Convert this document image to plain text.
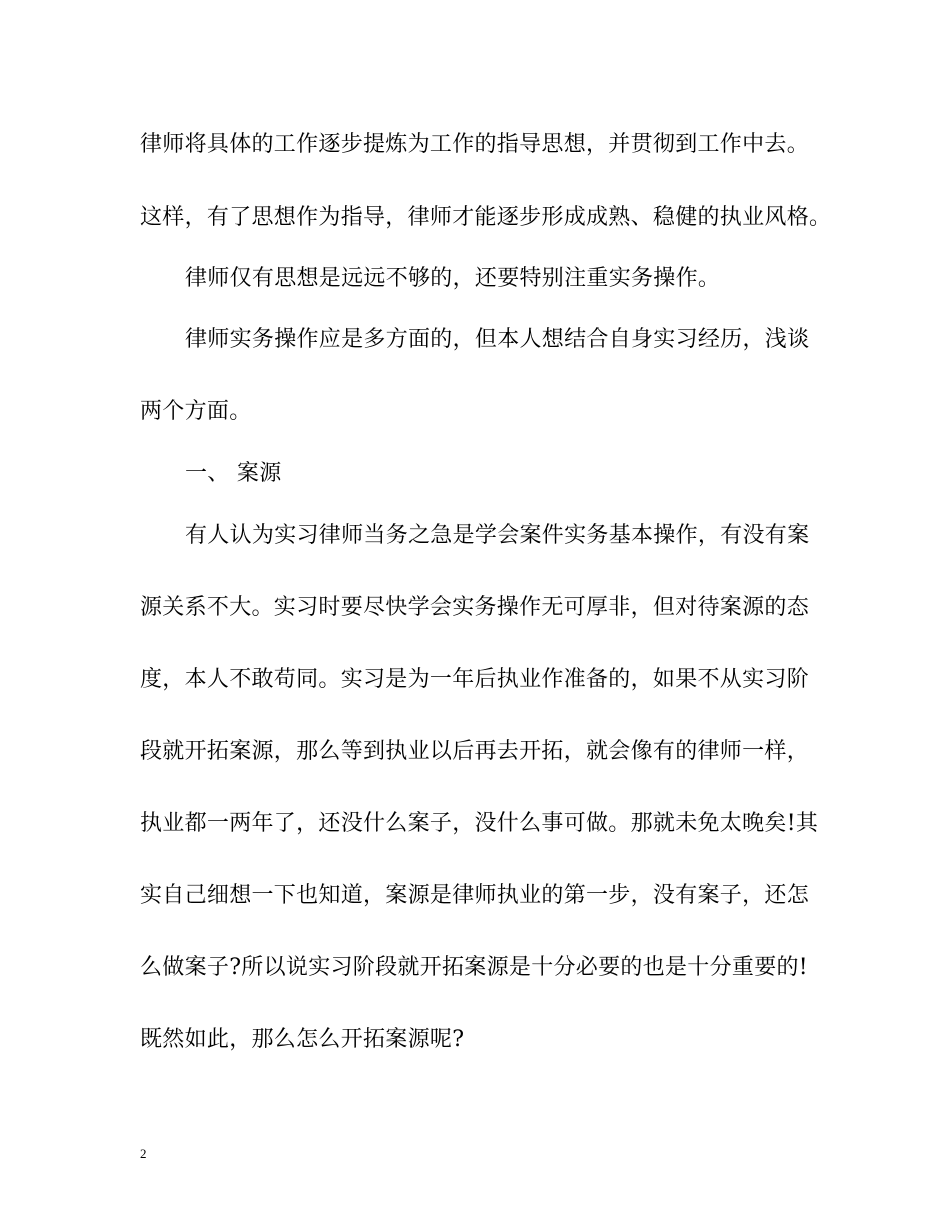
律师将具体的工作逐步提炼为工作的指导思想，并贯彻到工作中去。
这样，有了思想作为指导，律师才能逐步形成成熟、稳健的执业风格。
律师仅有思想是远远不够的，还要特别注重实务操作。
律师实务操作应是多方面的，但本人想结合自身实习经历，浅谈
两个方面。
一、 案源
有人认为实习律师当务之急是学会案件实务基本操作，有没有案
源关系不大。实习时要尽快学会实务操作无可厚非，但对待案源的态
度，本人不敢苟同。实习是为一年后执业作准备的，如果不从实习阶
段就开拓案源，那么等到执业以后再去开拓，就会像有的律师一样，
执业都一两年了，还没什么案子，没什么事可做。那就未免太晚矣!其
实自己细想一下也知道，案源是律师执业的第一步，没有案子，还怎
么做案子?所以说实习阶段就开拓案源是十分必要的也是十分重要的!
既然如此，那么怎么开拓案源呢?
2
